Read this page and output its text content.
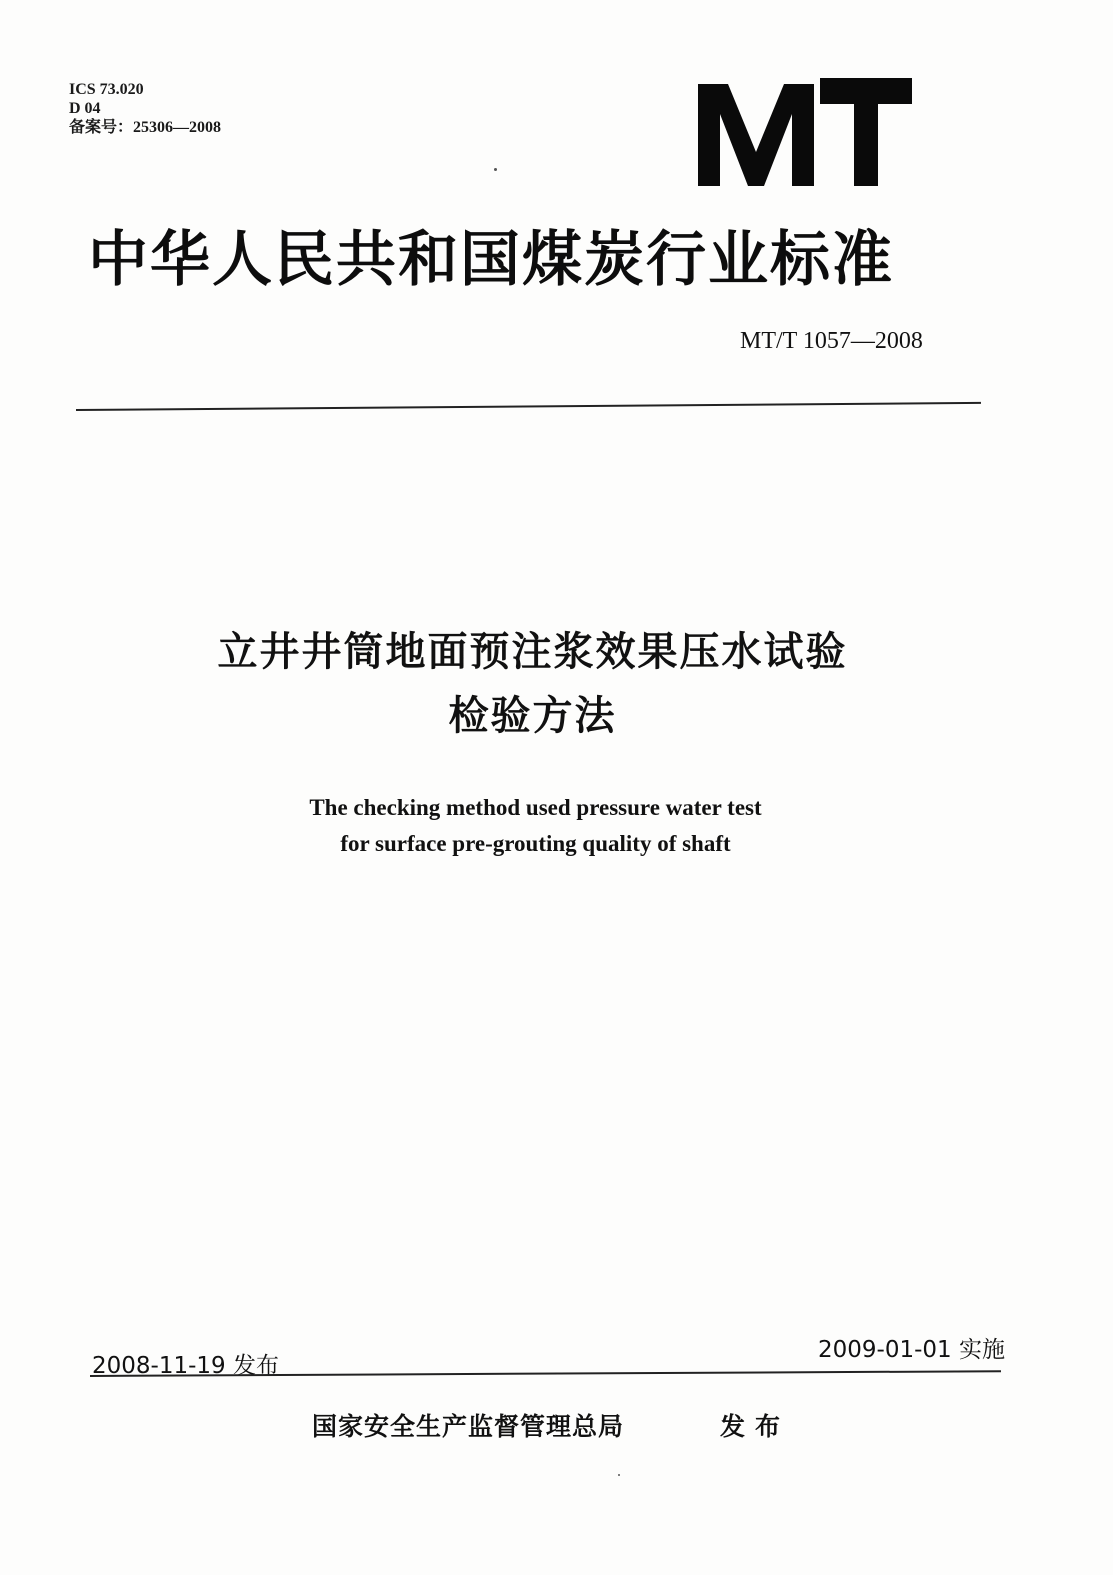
ICS 73.020
D 04
备案号：25306—2008
中华人民共和国煤炭行业标准
MT/T 1057—2008
立井井筒地面预注浆效果压水试验
检验方法
The checking method used pressure water test
for surface pre-grouting quality of shaft
2008-11-19 发布
2009-01-01 实施
国家安全生产监督管理总局	发布
